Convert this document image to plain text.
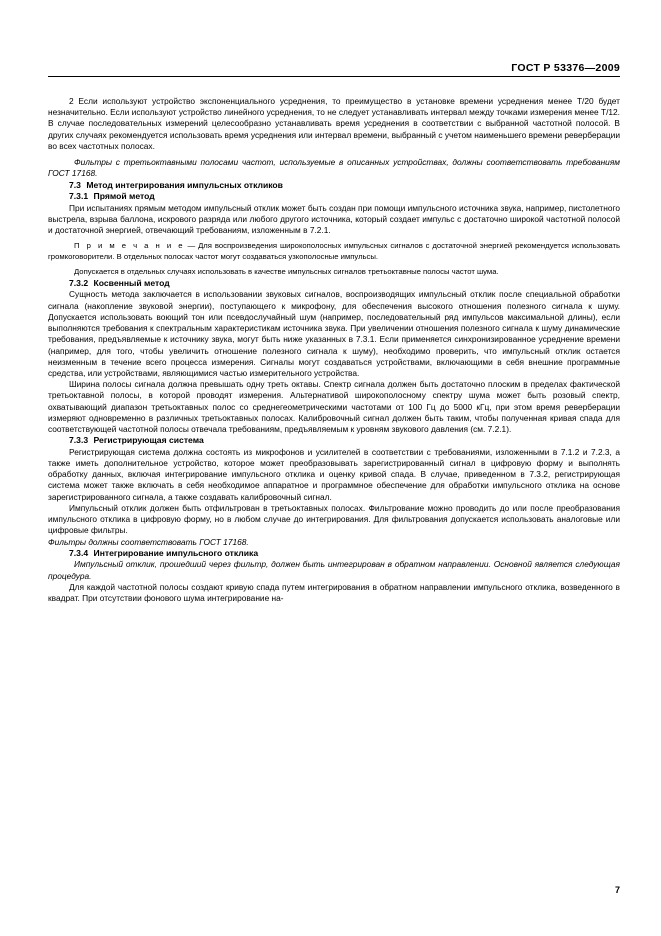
ГОСТ Р 53376—2009

2 Если используют устройство экспоненциального усреднения, то преимущество в установке времени усреднения менее T/20 будет незначительно. Если используют устройство линейного усреднения, то не следует устанавливать интервал между точками измерения менее T/12. В случае последовательных измерений целесообразно устанавливать время усреднения в соответствии с выбранной частотной полосой. В других случаях рекомендуется использовать время усреднения или интервал времени, выбранный с учетом наименьшего времени реверберации во всех частотных полосах.

Фильтры с третьоктавными полосами частот, используемые в описанных устройствах, должны соответствовать требованиям ГОСТ 17168.

7.3 Метод интегрирования импульсных откликов
7.3.1 Прямой метод

При испытаниях прямым методом импульсный отклик может быть создан при помощи импульсного источника звука, например, пистолетного выстрела, взрыва баллона, искрового разряда или любого другого источника, который создает импульс с достаточно широкой частотной полосой и достаточной энергией, отвечающий требованиям, изложенным в 7.2.1.

П р и м е ч а н и е — Для воспроизведения широкополосных импульсных сигналов с достаточной энергией рекомендуется использовать громкоговорители. В отдельных полосах частот могут создаваться узкополосные импульсы.

Допускается в отдельных случаях использовать в качестве импульсных сигналов третьоктавные полосы частот шума.

7.3.2 Косвенный метод

Сущность метода заключается в использовании звуковых сигналов, воспроизводящих импульсный отклик после специальной обработки сигнала (накопление звуковой энергии), поступающего к микрофону, для обеспечения высокого отношения полезного сигнала к шуму. Допускается использовать воющий тон или псевдослучайный шум (например, последовательный ряд импульсов максимальной длины), если выполняются требования к спектральным характеристикам источника звука. При увеличении отношения полезного сигнала к шуму динамические требования, предъявляемые к источнику звука, могут быть ниже указанных в 7.3.1. Если применяется синхронизированное усреднение времени (например, для того, чтобы увеличить отношение полезного сигнала к шуму), необходимо проверить, что импульсный отклик остается неизменным в течение всего процесса измерения. Сигналы могут создаваться устройствами, включающими в себя внешние программные средства, или устройствами, являющимися частью измерительного устройства.

Ширина полосы сигнала должна превышать одну треть октавы. Спектр сигнала должен быть достаточно плоским в пределах фактической третьоктавной полосы, в которой проводят измерения. Альтернативой широкополосному спектру шума может быть розовый спектр, охватывающий диапазон третьоктавных полос со среднегеометрическими частотами от 100 Гц до 5000 кГц, при этом время реверберации измеряют одновременно в различных третьоктавных полосах. Калибровочный сигнал должен быть таким, чтобы полученная кривая спада для соответствующей частотной полосы отвечала требованиям, предъявляемым к уровням звукового давления (см. 7.2.1).

7.3.3 Регистрирующая система

Регистрирующая система должна состоять из микрофонов и усилителей в соответствии с требованиями, изложенными в 7.1.2 и 7.2.3, а также иметь дополнительное устройство, которое может преобразовывать зарегистрированный сигнал в цифровую форму и выполнять обработку данных, включая интегрирование импульсного отклика и оценку кривой спада. В случае, приведенном в 7.3.2, регистрирующая система может также включать в себя необходимое аппаратное и программное обеспечение для обработки импульсного отклика на основе зарегистрированного сигнала, а также создавать калибровочный сигнал.

Импульсный отклик должен быть отфильтрован в третьоктавных полосах. Фильтрование можно проводить до или после преобразования импульсного отклика в цифровую форму, но в любом случае до интегрирования. Для фильтрования допускается использовать аналоговые или цифровые фильтры.

Фильтры должны соответствовать ГОСТ 17168.

7.3.4 Интегрирование импульсного отклика

Импульсный отклик, прошедший через фильтр, должен быть интегрирован в обратном направлении. Основной является следующая процедура.

Для каждой частотной полосы создают кривую спада путем интегрирования в обратном направлении импульсного отклика, возведенного в квадрат. При отсутствии фонового шума интегрирование на-

7
